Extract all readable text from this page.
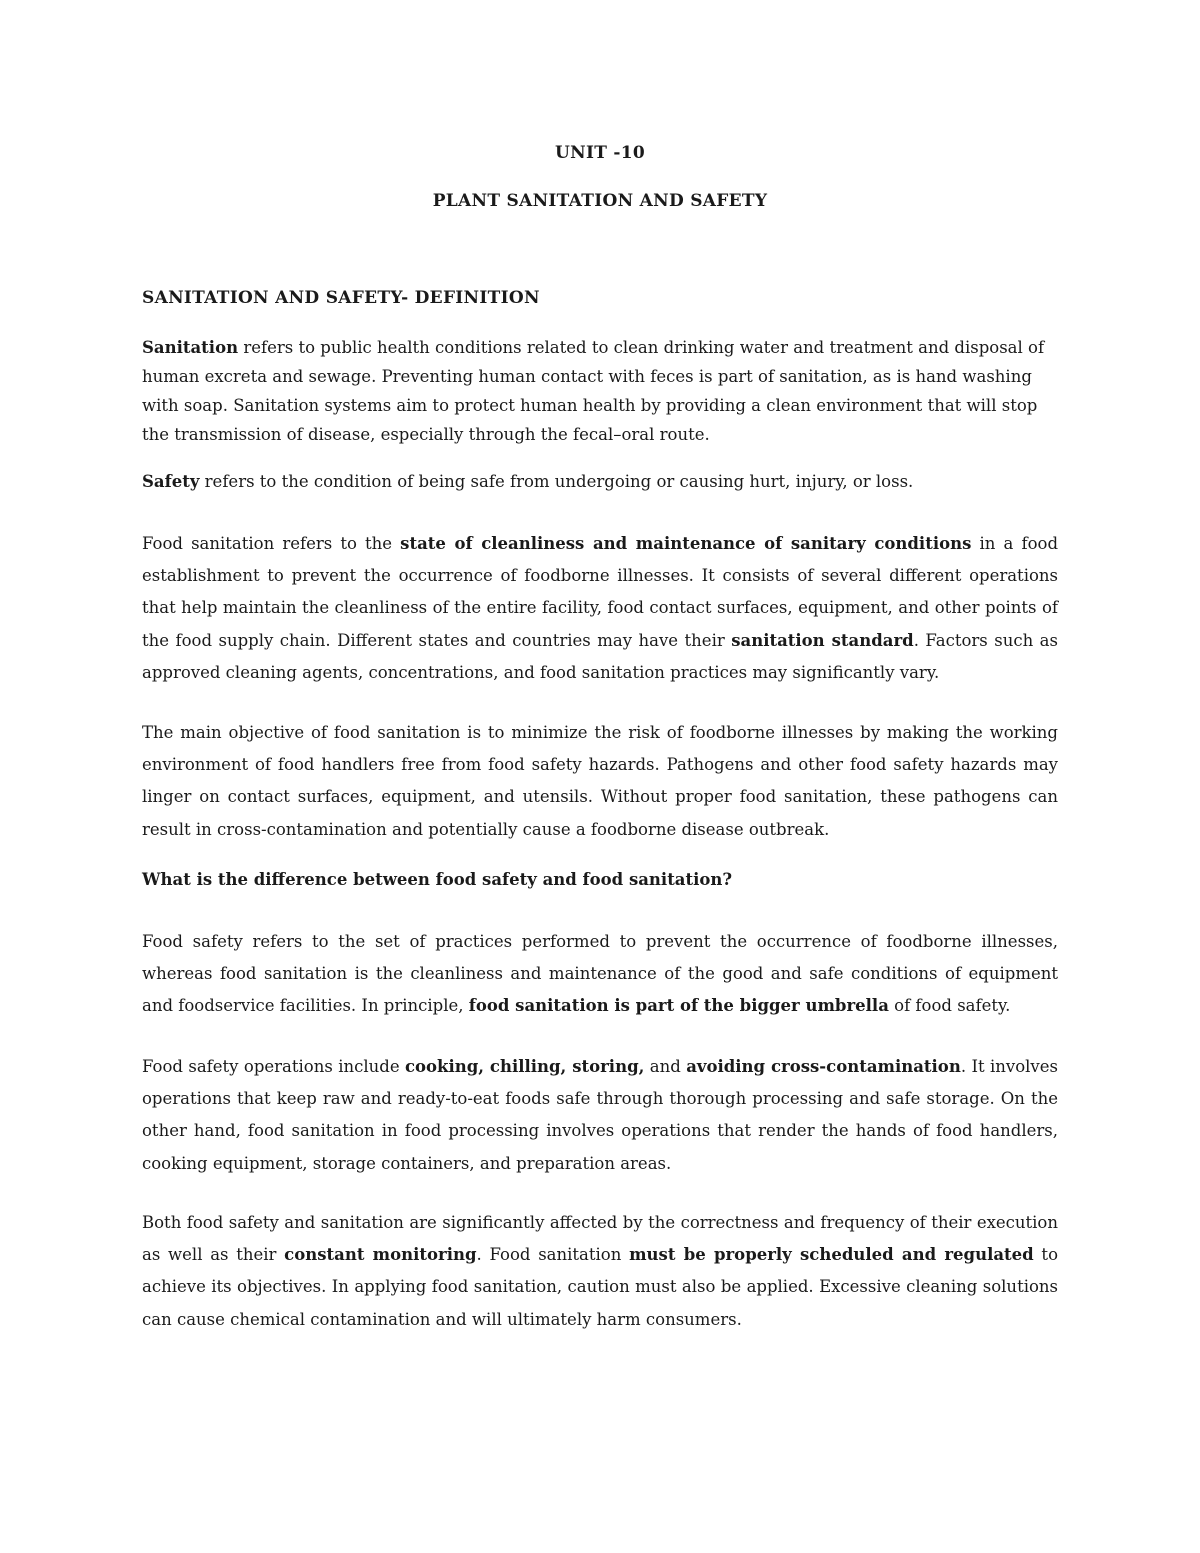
UNIT -10
PLANT SANITATION AND SAFETY
SANITATION AND SAFETY- DEFINITION
Sanitation refers to public health conditions related to clean drinking water and treatment and disposal of human excreta and sewage. Preventing human contact with feces is part of sanitation, as is hand washing with soap. Sanitation systems aim to protect human health by providing a clean environment that will stop the transmission of disease, especially through the fecal–oral route.
Safety refers to the condition of being safe from undergoing or causing hurt, injury, or loss.
Food sanitation refers to the state of cleanliness and maintenance of sanitary conditions in a food establishment to prevent the occurrence of foodborne illnesses. It consists of several different operations that help maintain the cleanliness of the entire facility, food contact surfaces, equipment, and other points of the food supply chain. Different states and countries may have their sanitation standard. Factors such as approved cleaning agents, concentrations, and food sanitation practices may significantly vary.
The main objective of food sanitation is to minimize the risk of foodborne illnesses by making the working environment of food handlers free from food safety hazards. Pathogens and other food safety hazards may linger on contact surfaces, equipment, and utensils. Without proper food sanitation, these pathogens can result in cross-contamination and potentially cause a foodborne disease outbreak.
What is the difference between food safety and food sanitation?
Food safety refers to the set of practices performed to prevent the occurrence of foodborne illnesses, whereas food sanitation is the cleanliness and maintenance of the good and safe conditions of equipment and foodservice facilities. In principle, food sanitation is part of the bigger umbrella of food safety.
Food safety operations include cooking, chilling, storing, and avoiding cross-contamination. It involves operations that keep raw and ready-to-eat foods safe through thorough processing and safe storage. On the other hand, food sanitation in food processing involves operations that render the hands of food handlers, cooking equipment, storage containers, and preparation areas.
Both food safety and sanitation are significantly affected by the correctness and frequency of their execution as well as their constant monitoring. Food sanitation must be properly scheduled and regulated to achieve its objectives. In applying food sanitation, caution must also be applied. Excessive cleaning solutions can cause chemical contamination and will ultimately harm consumers.
